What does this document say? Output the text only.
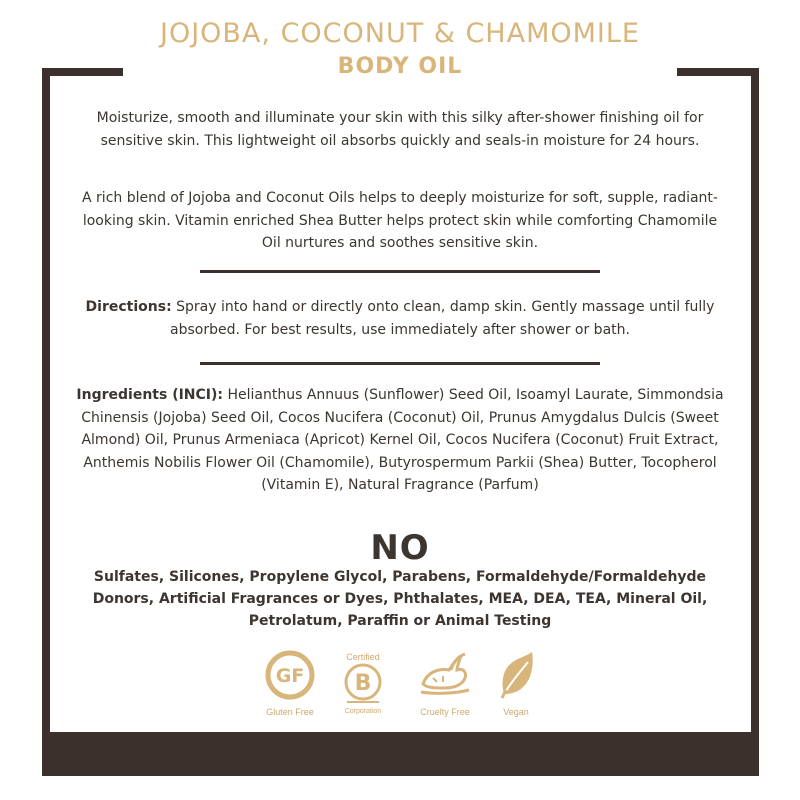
JOJOBA, COCONUT & CHAMOMILE
BODY OIL

Moisturize, smooth and illuminate your skin with this silky after-shower finishing oil for sensitive skin. This lightweight oil absorbs quickly and seals-in moisture for 24 hours.

A rich blend of Jojoba and Coconut Oils helps to deeply moisturize for soft, supple, radiant-looking skin. Vitamin enriched Shea Butter helps protect skin while comforting Chamomile Oil nurtures and soothes sensitive skin.

Directions: Spray into hand or directly onto clean, damp skin. Gently massage until fully absorbed. For best results, use immediately after shower or bath.

Ingredients (INCI): Helianthus Annuus (Sunflower) Seed Oil, Isoamyl Laurate, Simmondsia Chinensis (Jojoba) Seed Oil, Cocos Nucifera (Coconut) Oil, Prunus Amygdalus Dulcis (Sweet Almond) Oil, Prunus Armeniaca (Apricot) Kernel Oil, Cocos Nucifera (Coconut) Fruit Extract, Anthemis Nobilis Flower Oil (Chamomile), Butyrospermum Parkii (Shea) Butter, Tocopherol (Vitamin E), Natural Fragrance (Parfum)

NO

Sulfates, Silicones, Propylene Glycol, Parabens, Formaldehyde/Formaldehyde Donors, Artificial Fragrances or Dyes, Phthalates, MEA, DEA, TEA, Mineral Oil, Petrolatum, Paraffin or Animal Testing

GF
Gluten Free
Certified
B
Corporation	Cruelty Free	Vegan
